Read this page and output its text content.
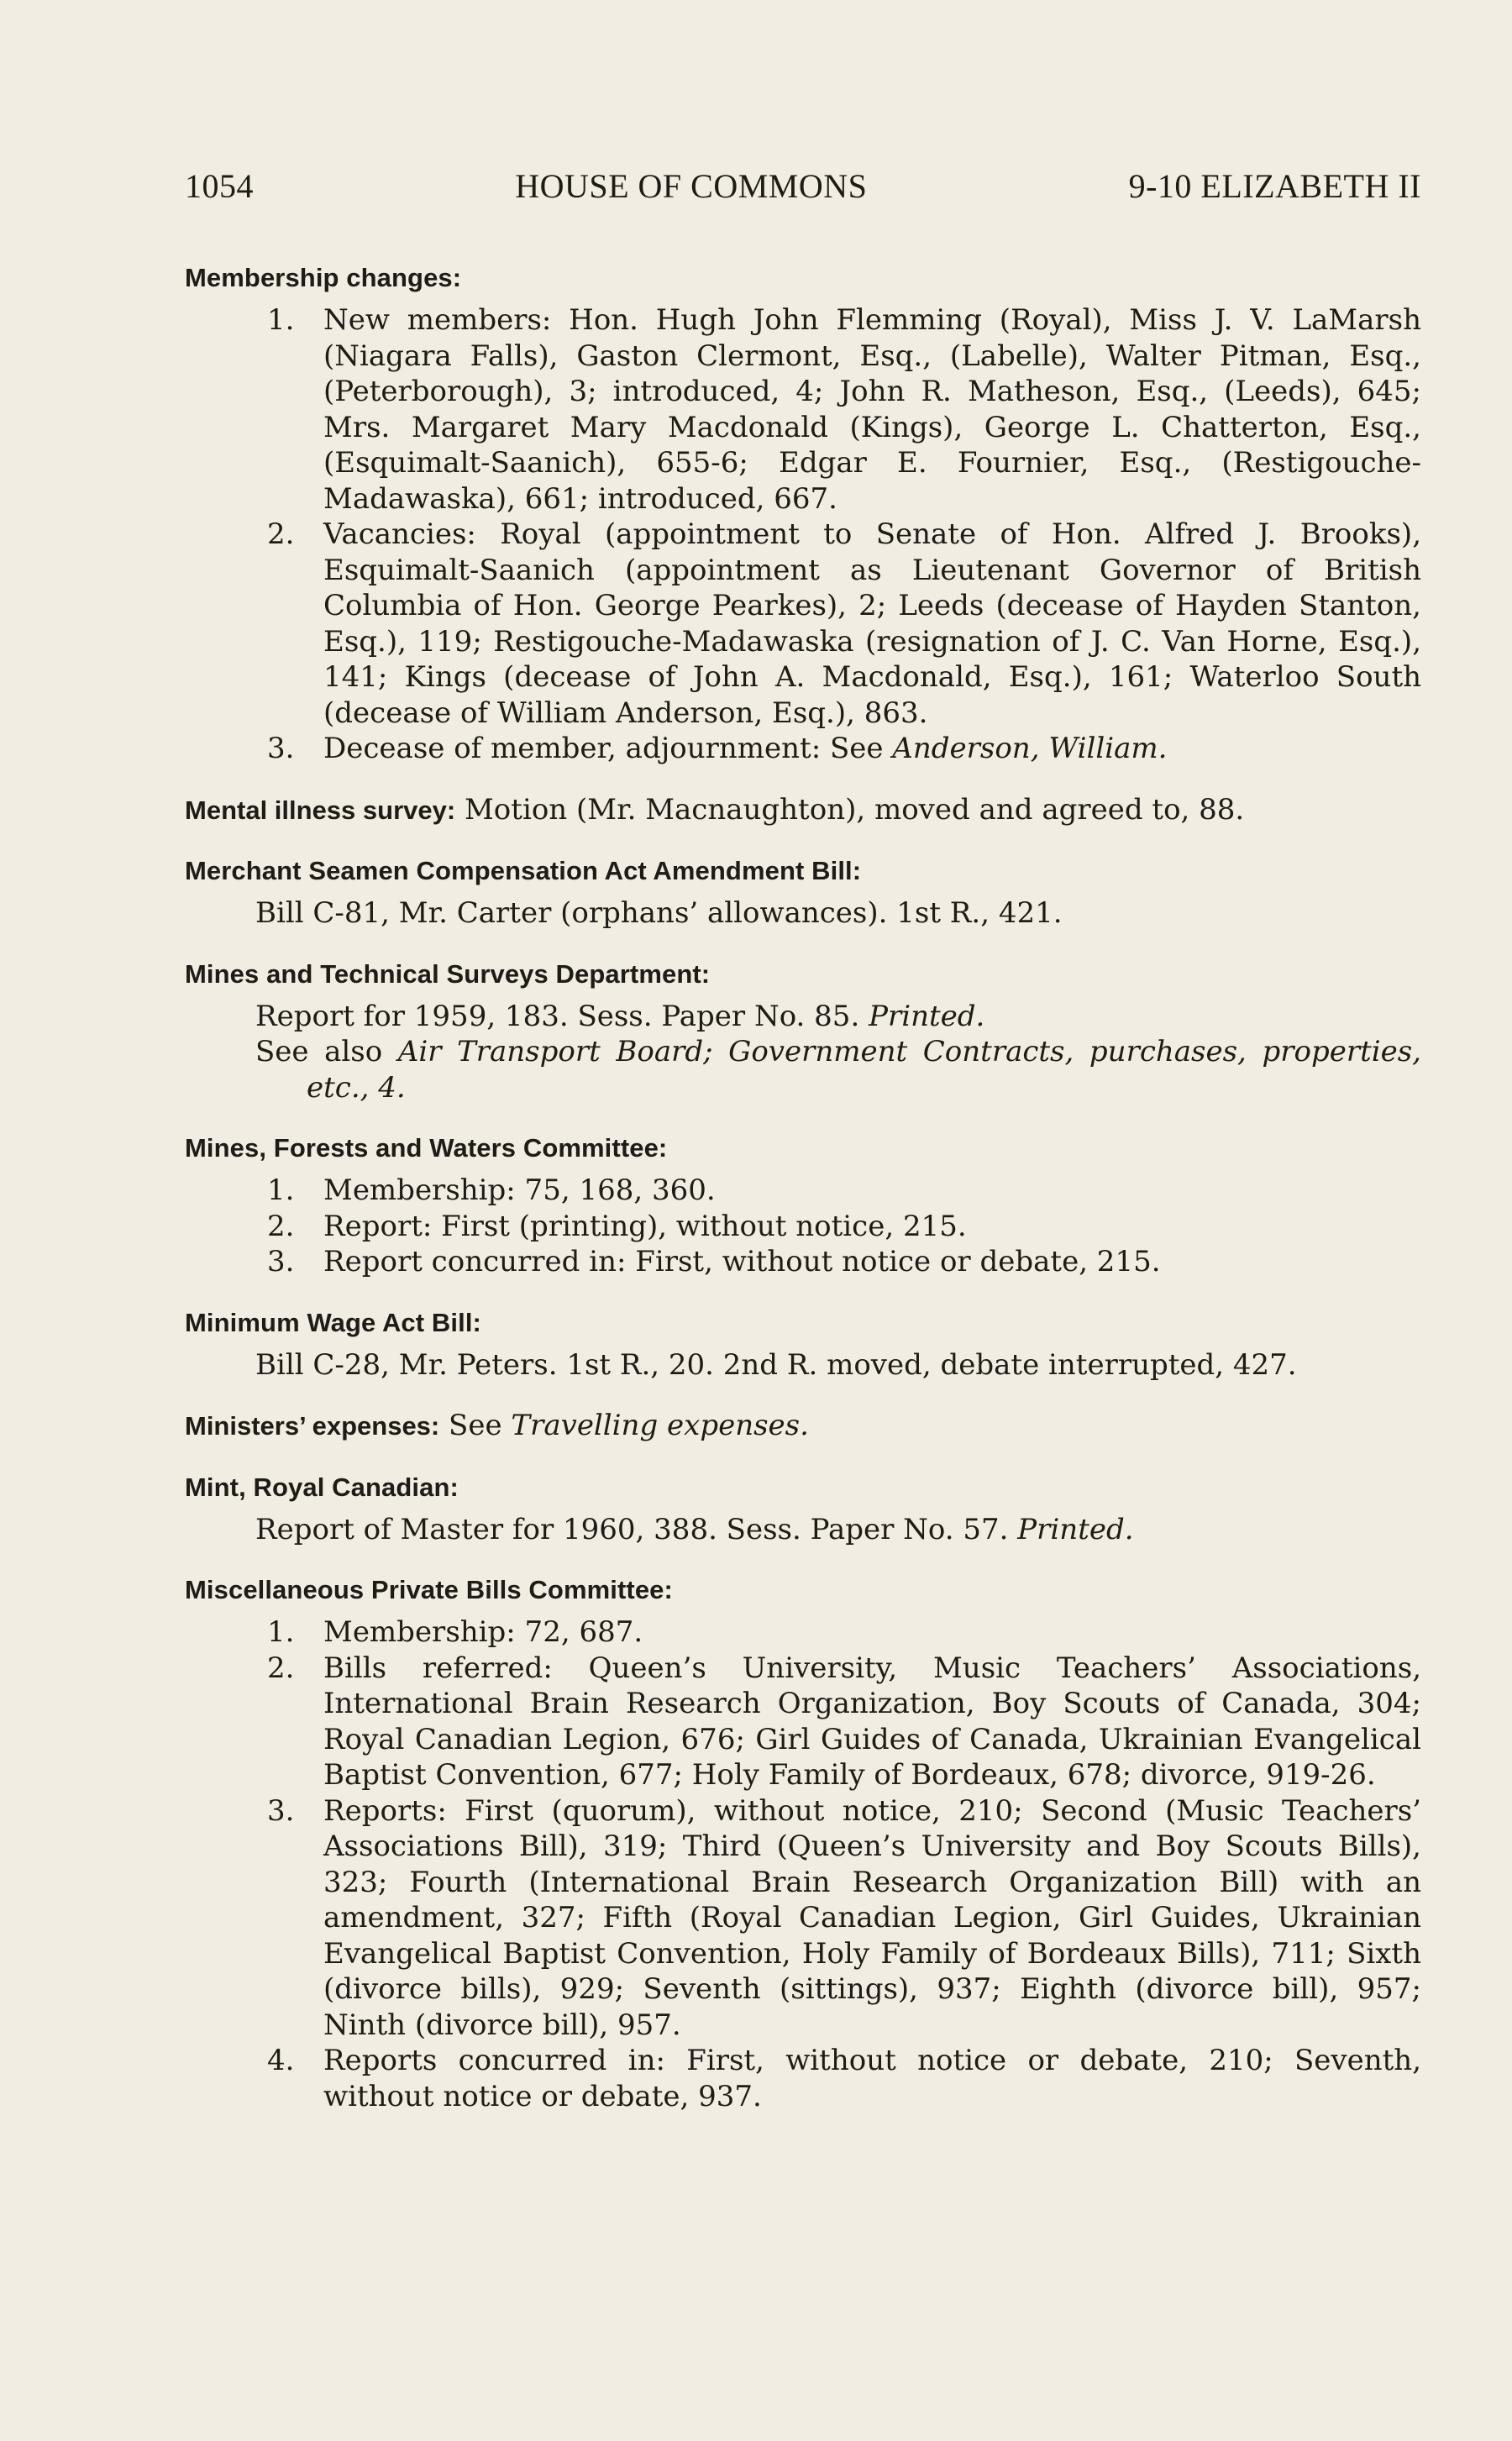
1054	HOUSE OF COMMONS	9-10 ELIZABETH II
Membership changes:
1. New members: Hon. Hugh John Flemming (Royal), Miss J. V. LaMarsh (Niagara Falls), Gaston Clermont, Esq., (Labelle), Walter Pitman, Esq., (Peterborough), 3; introduced, 4; John R. Matheson, Esq., (Leeds), 645; Mrs. Margaret Mary Macdonald (Kings), George L. Chatterton, Esq., (Esquimalt-Saanich), 655-6; Edgar E. Fournier, Esq., (Restigouche-Madawaska), 661; introduced, 667.
2. Vacancies: Royal (appointment to Senate of Hon. Alfred J. Brooks), Esquimalt-Saanich (appointment as Lieutenant Governor of British Columbia of Hon. George Pearkes), 2; Leeds (decease of Hayden Stanton, Esq.), 119; Restigouche-Madawaska (resignation of J. C. Van Horne, Esq.), 141; Kings (decease of John A. Macdonald, Esq.), 161; Waterloo South (decease of William Anderson, Esq.), 863.
3. Decease of member, adjournment: See Anderson, William.
Mental illness survey: Motion (Mr. Macnaughton), moved and agreed to, 88.
Merchant Seamen Compensation Act Amendment Bill:
Bill C-81, Mr. Carter (orphans’ allowances). 1st R., 421.
Mines and Technical Surveys Department:
Report for 1959, 183. Sess. Paper No. 85. Printed.
See also Air Transport Board; Government Contracts, purchases, properties, etc., 4.
Mines, Forests and Waters Committee:
1. Membership: 75, 168, 360.
2. Report: First (printing), without notice, 215.
3. Report concurred in: First, without notice or debate, 215.
Minimum Wage Act Bill:
Bill C-28, Mr. Peters. 1st R., 20. 2nd R. moved, debate interrupted, 427.
Ministers’ expenses: See Travelling expenses.
Mint, Royal Canadian:
Report of Master for 1960, 388. Sess. Paper No. 57. Printed.
Miscellaneous Private Bills Committee:
1. Membership: 72, 687.
2. Bills referred: Queen’s University, Music Teachers’ Associations, International Brain Research Organization, Boy Scouts of Canada, 304; Royal Canadian Legion, 676; Girl Guides of Canada, Ukrainian Evangelical Baptist Convention, 677; Holy Family of Bordeaux, 678; divorce, 919-26.
3. Reports: First (quorum), without notice, 210; Second (Music Teachers’ Associations Bill), 319; Third (Queen’s University and Boy Scouts Bills), 323; Fourth (International Brain Research Organization Bill) with an amendment, 327; Fifth (Royal Canadian Legion, Girl Guides, Ukrainian Evangelical Baptist Convention, Holy Family of Bordeaux Bills), 711; Sixth (divorce bills), 929; Seventh (sittings), 937; Eighth (divorce bill), 957; Ninth (divorce bill), 957.
4. Reports concurred in: First, without notice or debate, 210; Seventh, without notice or debate, 937.
